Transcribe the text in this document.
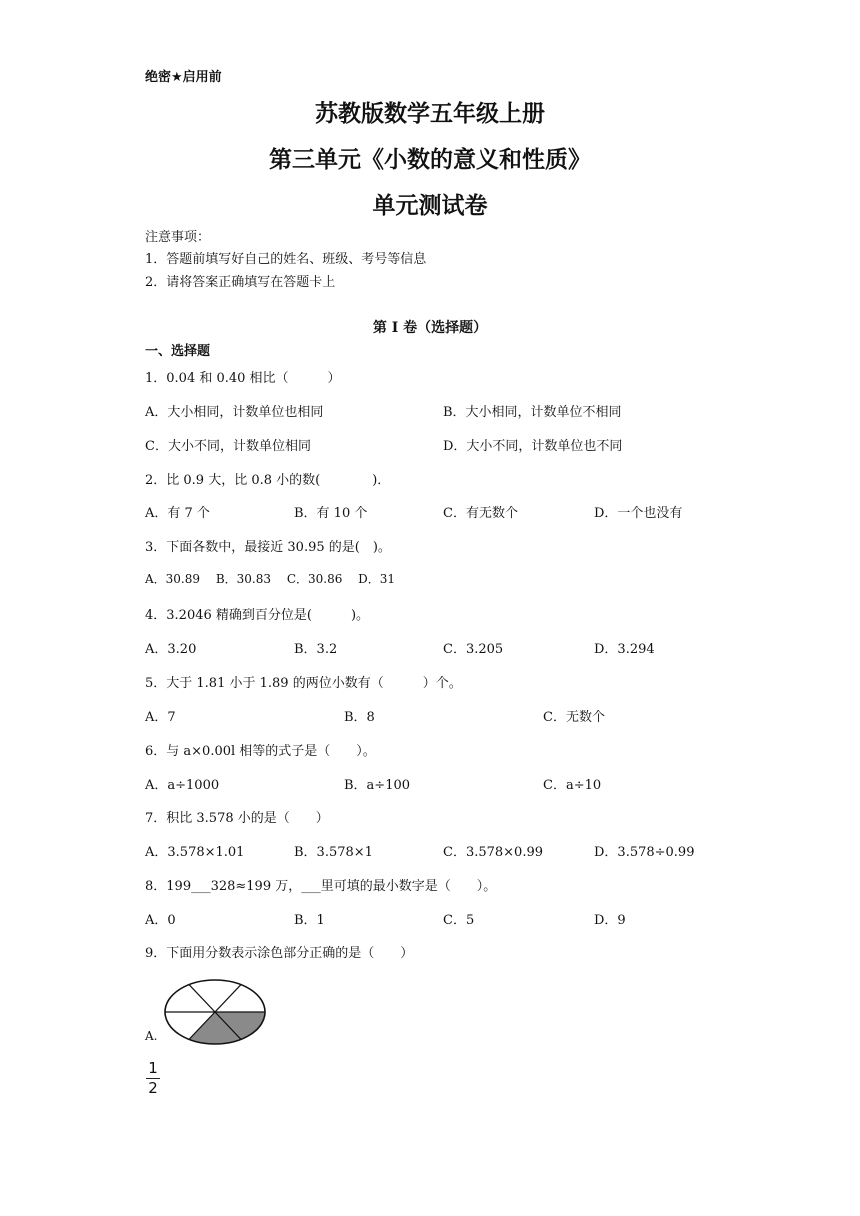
绝密★启用前
苏教版数学五年级上册
第三单元《小数的意义和性质》
单元测试卷
注意事项：
1．答题前填写好自己的姓名、班级、考号等信息
2．请将答案正确填写在答题卡上
第 I 卷（选择题）
一、选择题
1．0.04 和 0.40 相比（　　　）
A．大小相同，计数单位也相同	B．大小相同，计数单位不相同
C．大小不同，计数单位相同	D．大小不同，计数单位也不同
2．比 0.9 大，比 0.8 小的数(　　　　)．
A．有 7 个	B．有 10 个	C．有无数个	D．一个也没有
3．下面各数中，最接近 30.95 的是(　)。
A．30.89　 B．30.83　 C．30.86　 D．31
4．3.2046 精确到百分位是(　　　)。
A．3.20	B．3.2	C．3.205	D．3.294
5．大于 1.81 小于 1.89 的两位小数有（　　　）个。
A．7	B．8	C．无数个
6．与 a×0.00l 相等的式子是（　　）。
A．a÷1000	B．a÷100	C．a÷10
7．积比 3.578 小的是（　　）
A．3.578×1.01	B．3.578×1	C．3.578×0.99	D．3.578÷0.99
8．199___328≈199 万，___里可填的最小数字是（　　）。
A．0	B．1	C．5	D．9
9．下面用分数表示涂色部分正确的是（　　）
A.
1
2
